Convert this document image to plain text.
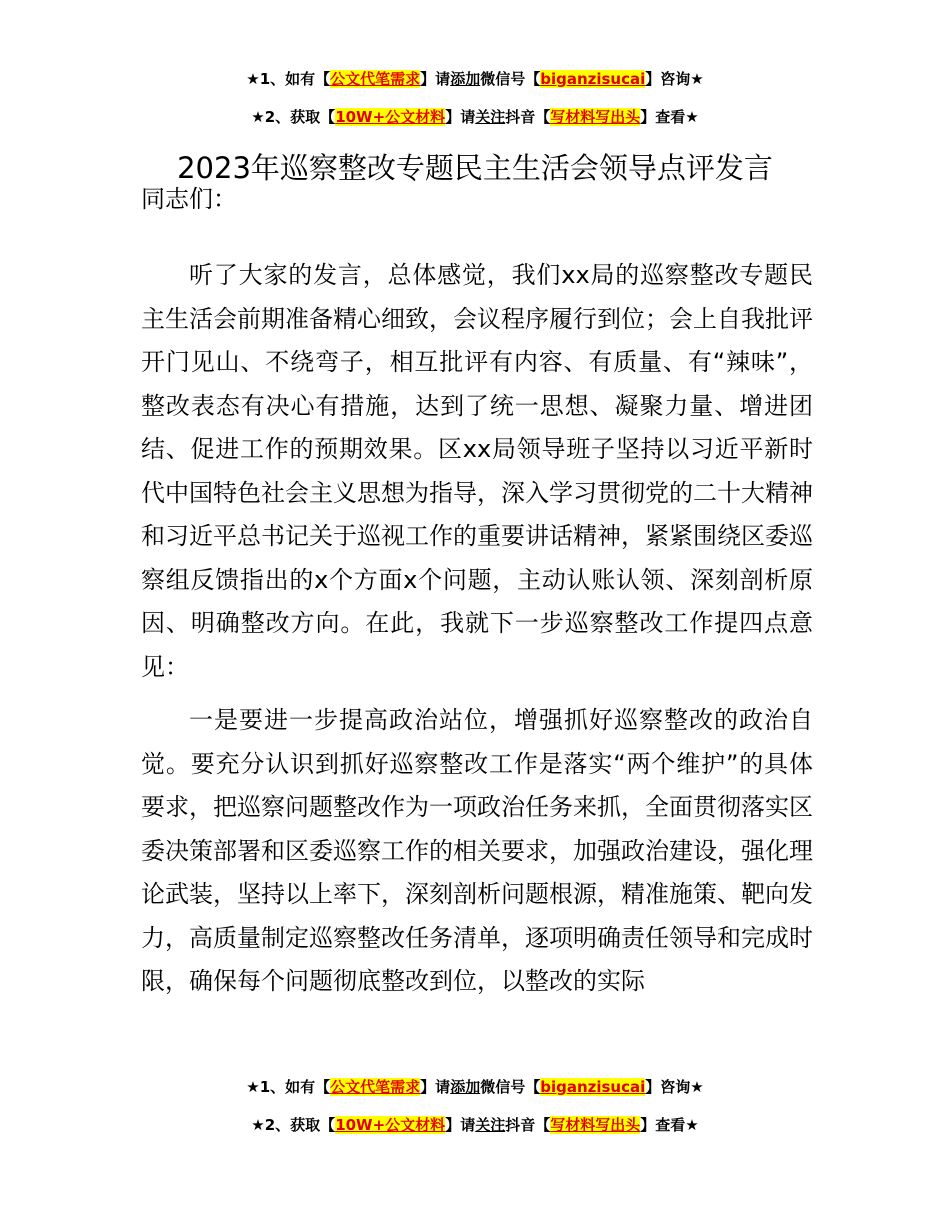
★1、如有【公文代笔需求】请添加微信号【biganzisucai】咨询★
★2、获取【10W+公文材料】请关注抖音【写材料写出头】查看★
2023年巡察整改专题民主生活会领导点评发言
同志们：

听了大家的发言，总体感觉，我们xx局的巡察整改专题民主生活会前期准备精心细致，会议程序履行到位；会上自我批评开门见山、不绕弯子，相互批评有内容、有质量、有“辣味”，整改表态有决心有措施，达到了统一思想、凝聚力量、增进团结、促进工作的预期效果。区xx局领导班子坚持以习近平新时代中国特色社会主义思想为指导，深入学习贯彻党的二十大精神和习近平总书记关于巡视工作的重要讲话精神，紧紧围绕区委巡察组反馈指出的x个方面x个问题，主动认账认领、深刻剖析原因、明确整改方向。在此，我就下一步巡察整改工作提四点意见：

一是要进一步提高政治站位，增强抓好巡察整改的政治自觉。要充分认识到抓好巡察整改工作是落实“两个维护”的具体要求，把巡察问题整改作为一项政治任务来抓，全面贯彻落实区委决策部署和区委巡察工作的相关要求，加强政治建设，强化理论武装，坚持以上率下，深刻剖析问题根源，精准施策、靶向发力，高质量制定巡察整改任务清单，逐项明确责任领导和完成时限，确保每个问题彻底整改到位，以整改的实际

★1、如有【公文代笔需求】请添加微信号【biganzisucai】咨询★
★2、获取【10W+公文材料】请关注抖音【写材料写出头】查看★
